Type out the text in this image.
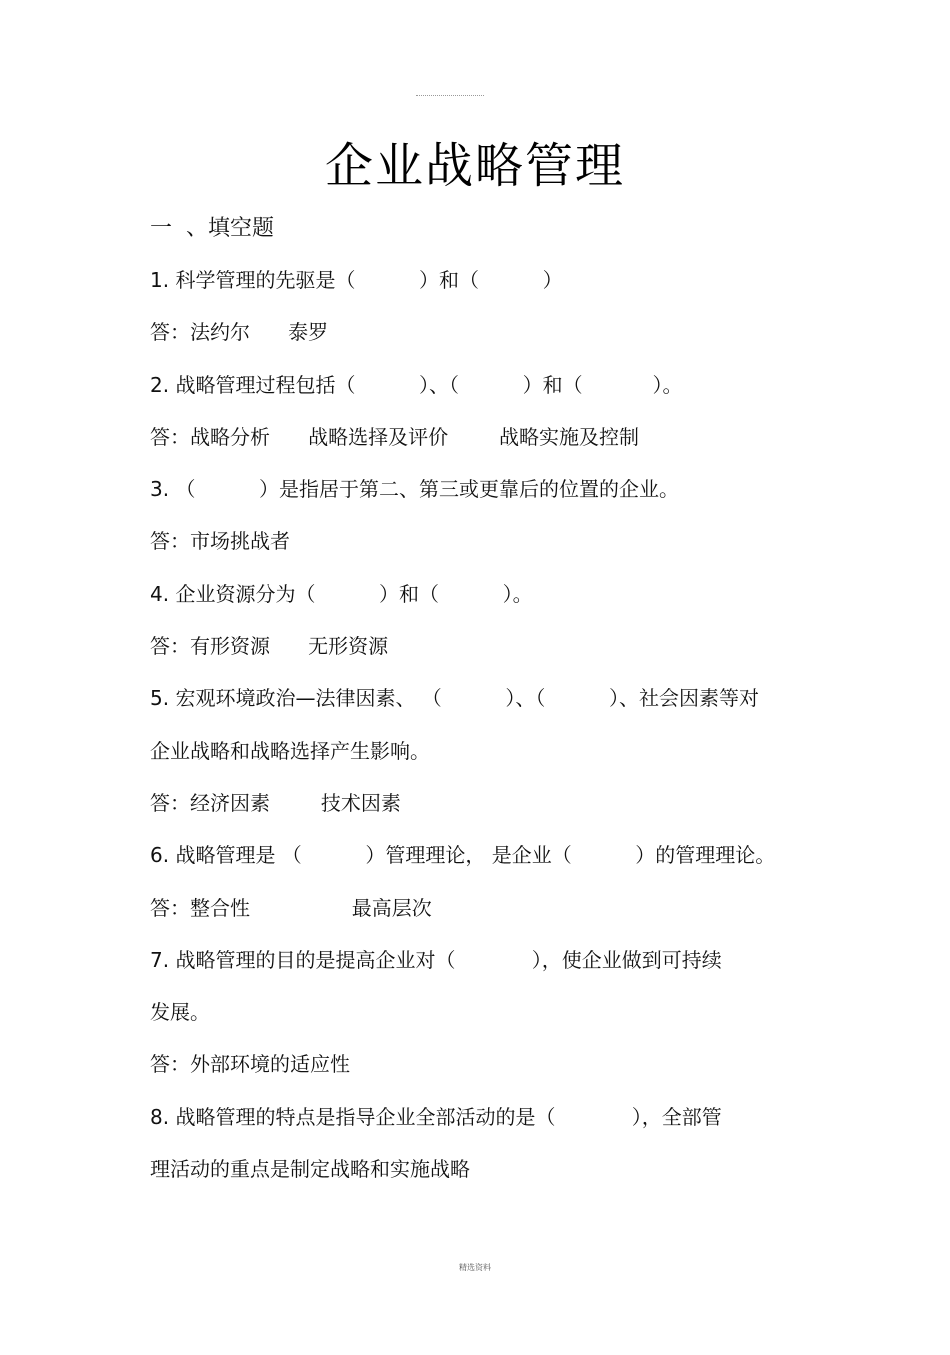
企业战略管理
一  、填空题
1. 科学管理的先驱是（          ）和（          ）
答：法约尔      泰罗
2. 战略管理过程包括（          ）、（          ）和（           ）。
答：战略分析      战略选择及评价        战略实施及控制
3. （          ）是指居于第二、第三或更靠后的位置的企业。
答：市场挑战者
4. 企业资源分为（          ）和（          ）。
答：有形资源      无形资源
5. 宏观环境政治—法律因素、 （          ）、（          ）、社会因素等对
企业战略和战略选择产生影响。
答：经济因素        技术因素
6. 战略管理是 （          ）管理理论， 是企业（          ）的管理理论。
答：整合性                最高层次
7. 战略管理的目的是提高企业对（            ），使企业做到可持续
发展。
答：外部环境的适应性
8. 战略管理的特点是指导企业全部活动的是（            ），全部管
理活动的重点是制定战略和实施战略
精选资料
